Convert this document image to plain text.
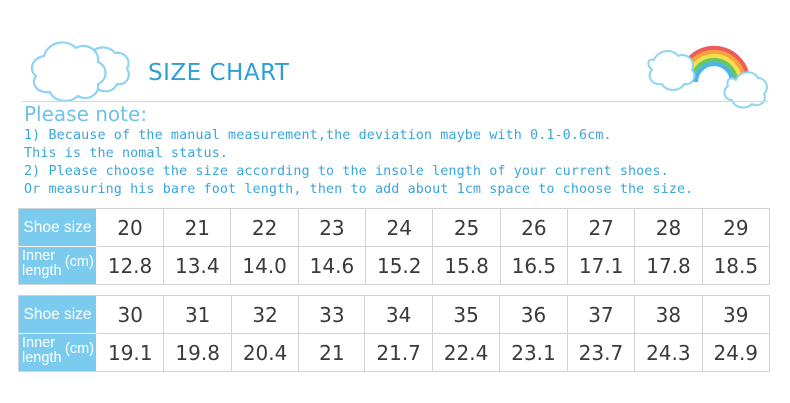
SIZE CHART
Please note:
1) Because of the manual measurement,the deviation maybe with 0.1-0.6cm.
This is the nomal status.
2) Please choose the size according to the insole length of your current shoes.
Or measuring his bare foot length, then to add about 1cm space to choose the size.
Shoe size	20	21	22	23	24	25	26	27	28	29

Inner
length
(cm)	12.8	13.4	14.0	14.6	15.2	15.8	16.5	17.1	17.8	18.5
Shoe size	30	31	32	33	34	35	36	37	38	39

Inner
length
(cm)	19.1	19.8	20.4	21	21.7	22.4	23.1	23.7	24.3	24.9
